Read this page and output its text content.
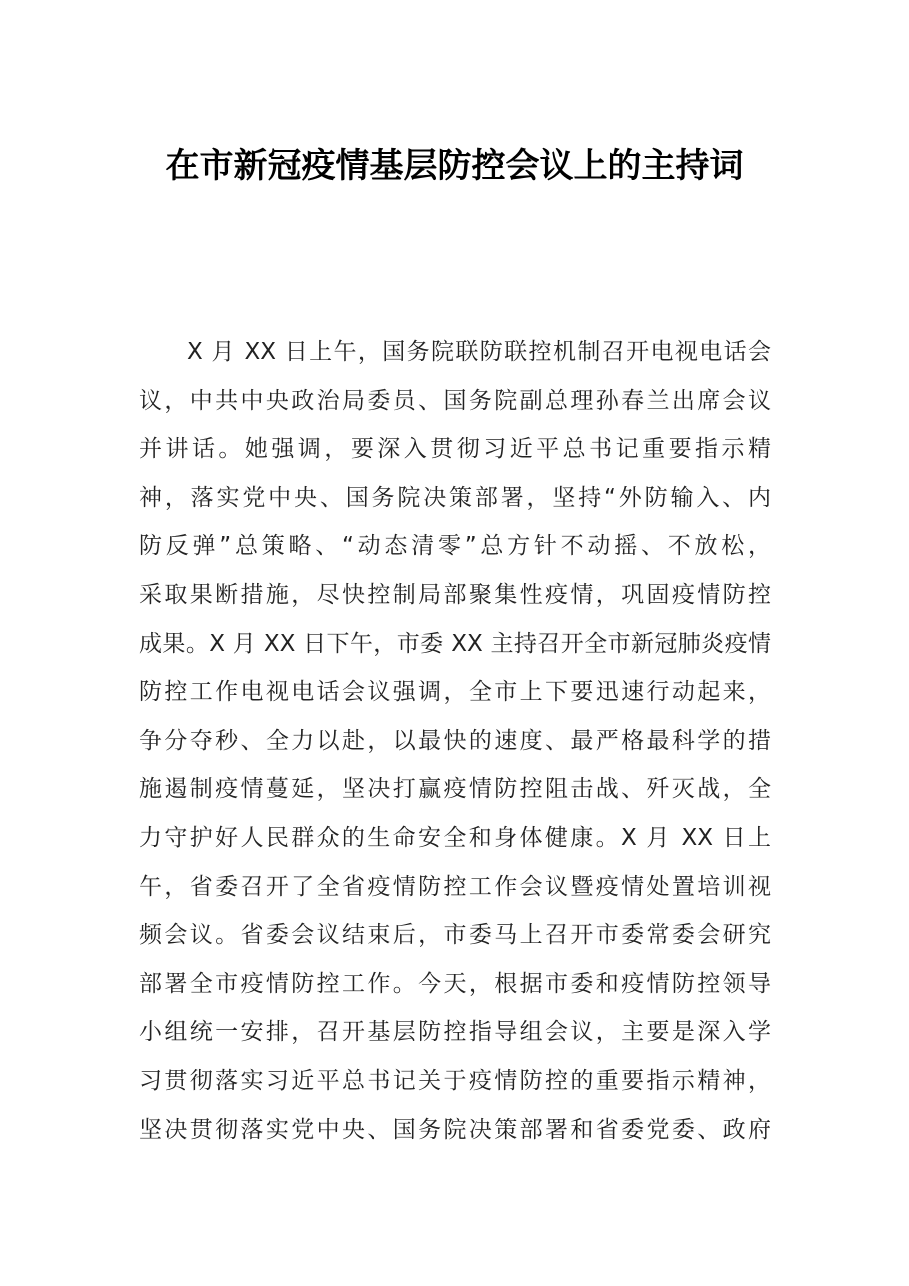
在市新冠疫情基层防控会议上的主持词
X 月 XX 日上午，国务院联防联控机制召开电视电话会
议，中共中央政治局委员、国务院副总理孙春兰出席会议
并讲话。她强调，要深入贯彻习近平总书记重要指示精
神，落实党中央、国务院决策部署，坚持“外防输入、内
防反弹”总策略、“动态清零”总方针不动摇、不放松，
采取果断措施，尽快控制局部聚集性疫情，巩固疫情防控
成果。X 月 XX 日下午，市委 XX 主持召开全市新冠肺炎疫情
防控工作电视电话会议强调，全市上下要迅速行动起来，
争分夺秒、全力以赴，以最快的速度、最严格最科学的措
施遏制疫情蔓延，坚决打赢疫情防控阻击战、歼灭战，全
力守护好人民群众的生命安全和身体健康。X 月 XX 日上
午，省委召开了全省疫情防控工作会议暨疫情处置培训视
频会议。省委会议结束后，市委马上召开市委常委会研究
部署全市疫情防控工作。今天，根据市委和疫情防控领导
小组统一安排，召开基层防控指导组会议，主要是深入学
习贯彻落实习近平总书记关于疫情防控的重要指示精神，
坚决贯彻落实党中央、国务院决策部署和省委党委、政府
